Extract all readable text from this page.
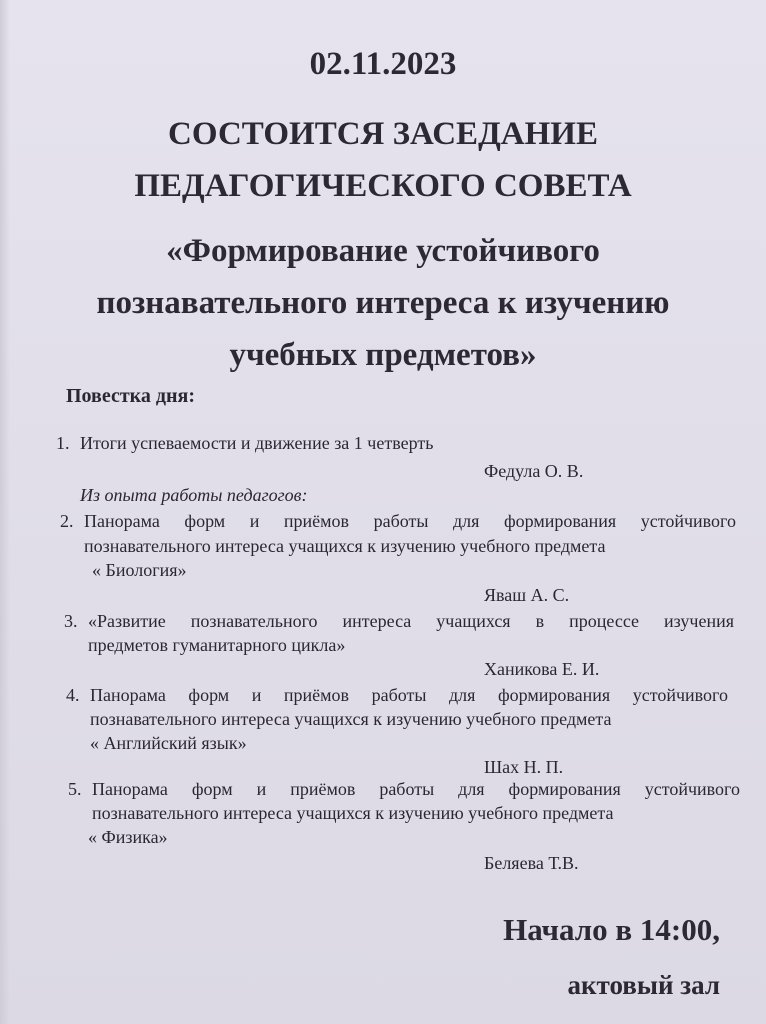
02.11.2023
СОСТОИТСЯ ЗАСЕДАНИЕ
ПЕДАГОГИЧЕСКОГО СОВЕТА
«Формирование устойчивого
познавательного интереса к изучению
учебных предметов»
Повестка дня:
1. Итоги успеваемости и движение за 1 четверть
Федула О. В.
Из опыта работы педагогов:
2. Панорама форм и приёмов работы для формирования устойчивого
познавательного интереса учащихся к изучению учебного предмета
« Биология»
Яваш А. С.
3. «Развитие познавательного интереса учащихся в процессе изучения
предметов гуманитарного цикла»
Ханикова Е. И.
4. Панорама форм и приёмов работы для формирования устойчивого
познавательного интереса учащихся к изучению учебного предмета
« Английский язык»
Шах Н. П.
5. Панорама форм и приёмов работы для формирования устойчивого
познавательного интереса учащихся к изучению учебного предмета
« Физика»
Беляева Т.В.
Начало в 14:00,
актовый зал
